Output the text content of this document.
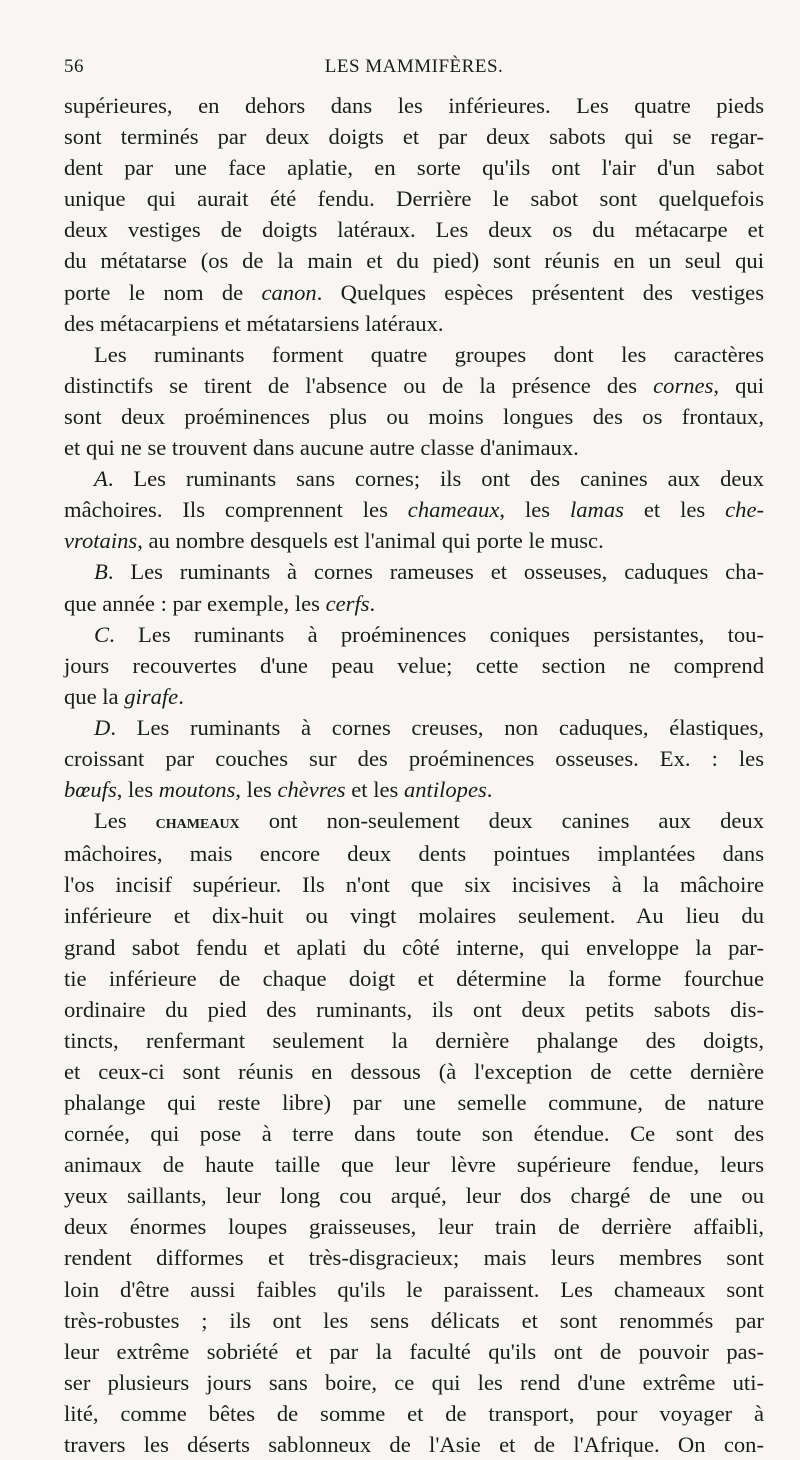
56	LES MAMMIFÈRES.

supérieures, en dehors dans les inférieures. Les quatre pieds

sont terminés par deux doigts et par deux sabots qui se regar-

dent par une face aplatie, en sorte qu'ils ont l'air d'un sabot

unique qui aurait été fendu. Derrière le sabot sont quelquefois

deux vestiges de doigts latéraux. Les deux os du métacarpe et

du métatarse (os de la main et du pied) sont réunis en un seul qui

porte le nom de canon. Quelques espèces présentent des vestiges

des métacarpiens et métatarsiens latéraux.

Les ruminants forment quatre groupes dont les caractères

distinctifs se tirent de l'absence ou de la présence des cornes, qui

sont deux proéminences plus ou moins longues des os frontaux,

et qui ne se trouvent dans aucune autre classe d'animaux.

A. Les ruminants sans cornes; ils ont des canines aux deux

mâchoires. Ils comprennent les chameaux, les lamas et les che-

vrotains, au nombre desquels est l'animal qui porte le musc.

B. Les ruminants à cornes rameuses et osseuses, caduques cha-

que année : par exemple, les cerfs.

C. Les ruminants à proéminences coniques persistantes, tou-

jours recouvertes d'une peau velue; cette section ne comprend

que la girafe.

D. Les ruminants à cornes creuses, non caduques, élastiques,

croissant par couches sur des proéminences osseuses. Ex. : les

bœufs, les moutons, les chèvres et les antilopes.

Les chameaux ont non-seulement deux canines aux deux

mâchoires, mais encore deux dents pointues implantées dans

l'os incisif supérieur. Ils n'ont que six incisives à la mâchoire

inférieure et dix-huit ou vingt molaires seulement. Au lieu du

grand sabot fendu et aplati du côté interne, qui enveloppe la par-

tie inférieure de chaque doigt et détermine la forme fourchue

ordinaire du pied des ruminants, ils ont deux petits sabots dis-

tincts, renfermant seulement la dernière phalange des doigts,

et ceux-ci sont réunis en dessous (à l'exception de cette dernière

phalange qui reste libre) par une semelle commune, de nature

cornée, qui pose à terre dans toute son étendue. Ce sont des

animaux de haute taille que leur lèvre supérieure fendue, leurs

yeux saillants, leur long cou arqué, leur dos chargé de une ou

deux énormes loupes graisseuses, leur train de derrière affaibli,

rendent difformes et très-disgracieux; mais leurs membres sont

loin d'être aussi faibles qu'ils le paraissent. Les chameaux sont

très-robustes ; ils ont les sens délicats et sont renommés par

leur extrême sobriété et par la faculté qu'ils ont de pouvoir pas-

ser plusieurs jours sans boire, ce qui les rend d'une extrême uti-

lité, comme bêtes de somme et de transport, pour voyager à

travers les déserts sablonneux de l'Asie et de l'Afrique. On con-
